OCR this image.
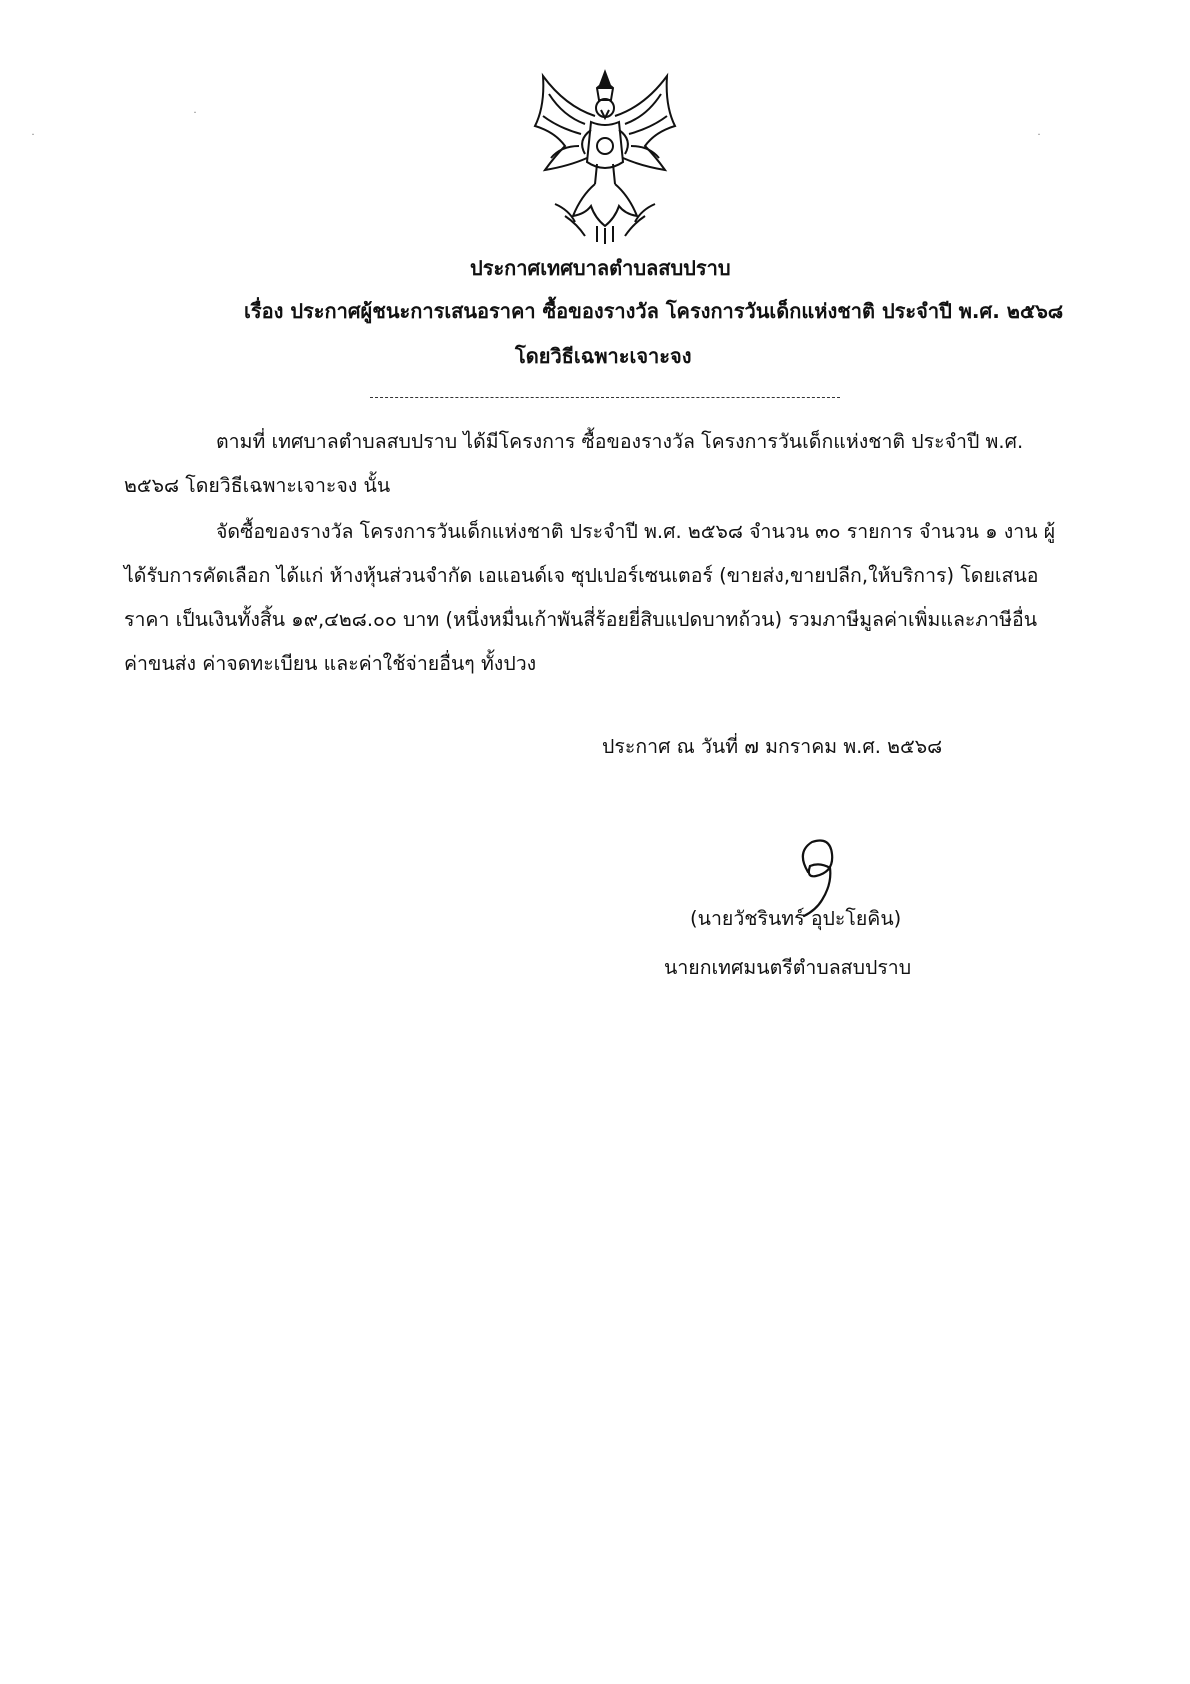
˙
˙
˙
ประกาศเทศบาลตำบลสบปราบ
เรื่อง ประกาศผู้ชนะการเสนอราคา ซื้อของรางวัล โครงการวันเด็กแห่งชาติ ประจำปี พ.ศ. ๒๕๖๘
โดยวิธีเฉพาะเจาะจง
ตามที่ เทศบาลตำบลสบปราบ ได้มีโครงการ ซื้อของรางวัล โครงการวันเด็กแห่งชาติ ประจำปี พ.ศ. ๒๕๖๘ โดยวิธีเฉพาะเจาะจง นั้น
จัดซื้อของรางวัล โครงการวันเด็กแห่งชาติ ประจำปี พ.ศ. ๒๕๖๘ จำนวน ๓๐ รายการ จำนวน ๑ งาน ผู้ได้รับการคัดเลือก ได้แก่ ห้างหุ้นส่วนจำกัด เอแอนด์เจ ซุปเปอร์เซนเตอร์ (ขายส่ง,ขายปลีก,ให้บริการ) โดยเสนอราคา เป็นเงินทั้งสิ้น ๑๙,๔๒๘.๐๐ บาท (หนึ่งหมื่นเก้าพันสี่ร้อยยี่สิบแปดบาทถ้วน) รวมภาษีมูลค่าเพิ่มและภาษีอื่น ค่าขนส่ง ค่าจดทะเบียน และค่าใช้จ่ายอื่นๆ ทั้งปวง
ประกาศ ณ วันที่ ๗ มกราคม พ.ศ. ๒๕๖๘
(นายวัชรินทร์ อุปะโยคิน)
นายกเทศมนตรีตำบลสบปราบ
